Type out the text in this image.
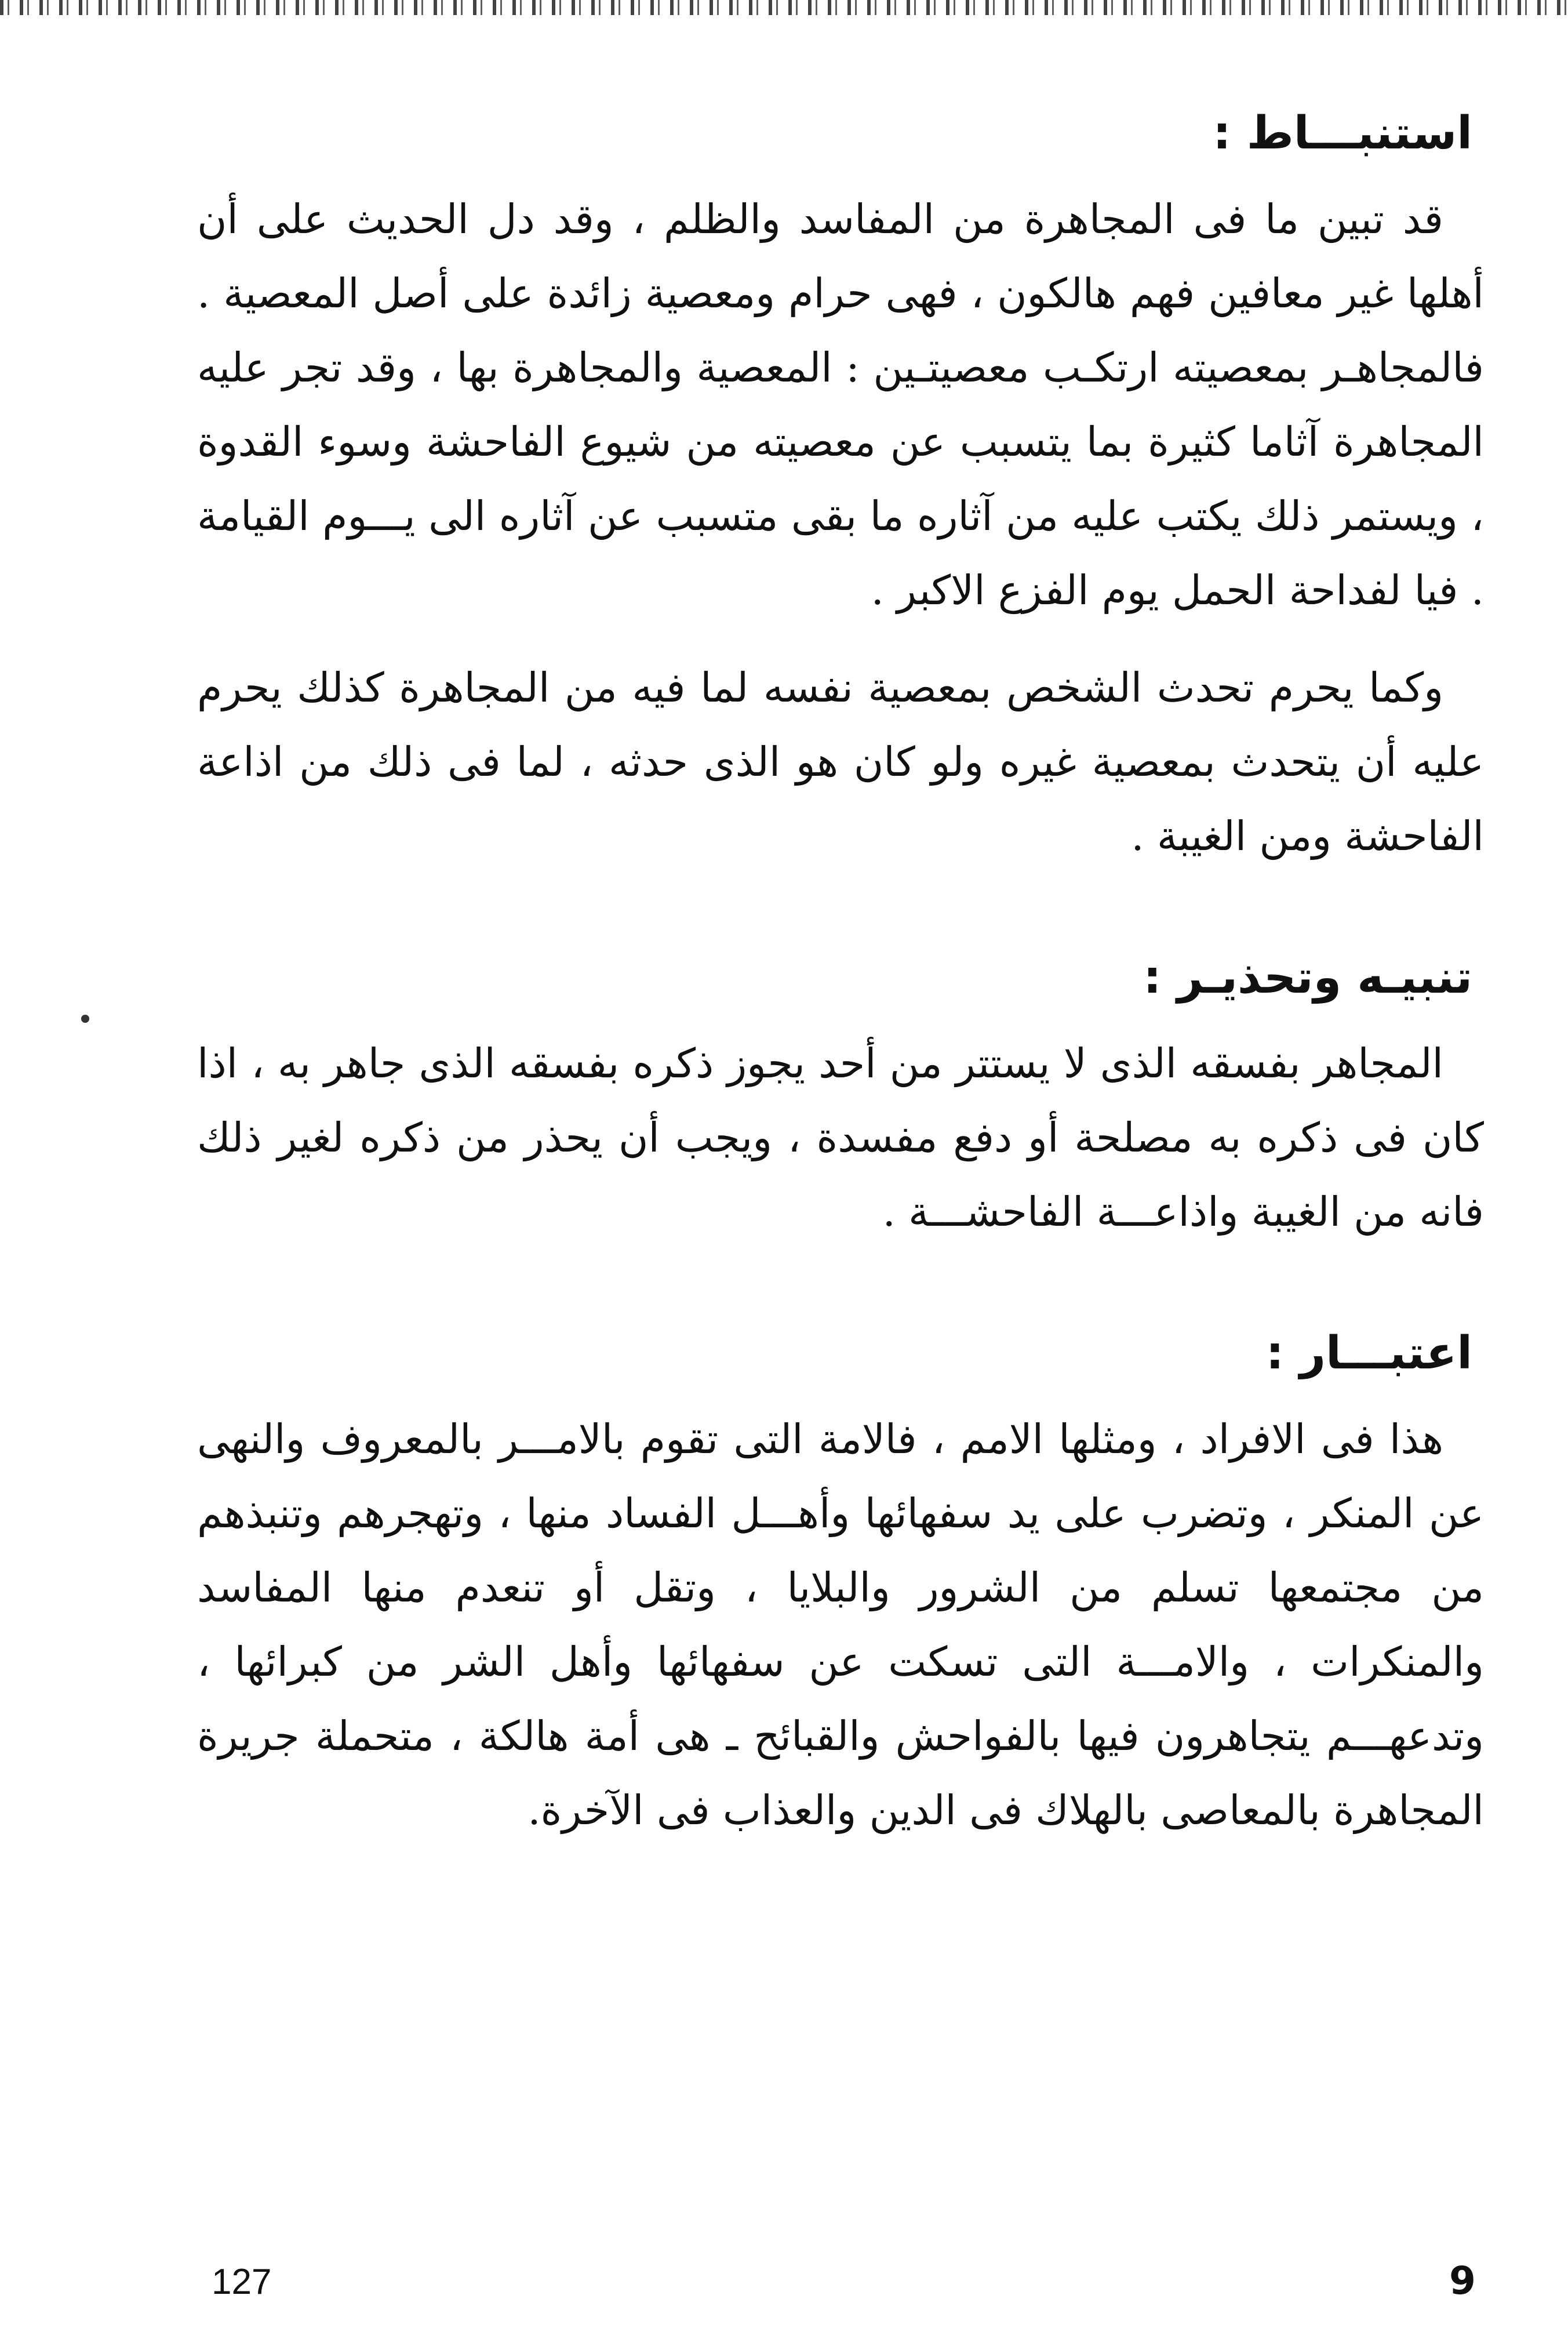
استنبـــاط :

قد تبين ما فى المجاهرة من المفاسد والظلم ، وقد دل الحديث على أن أهلها غير معافين فهم هالكون ، فهى حرام ومعصية زائدة على أصل المعصية . فالمجاهـر بمعصيته ارتكـب معصيتـين : المعصية والمجاهرة بها ، وقد تجر عليه المجاهرة آثاما كثيرة بما يتسبب عن معصيته من شيوع الفاحشة وسوء القدوة ، ويستمر ذلك يكتب عليه من آثاره ما بقى متسبب عن آثاره الى يـــوم القيامة . فيا لفداحة الحمل يوم الفزع الاكبر .

وكما يحرم تحدث الشخص بمعصية نفسه لما فيه من المجاهرة كذلك يحرم عليه أن يتحدث بمعصية غيره ولو كان هو الذى حدثه ، لما فى ذلك من اذاعة الفاحشة ومن الغيبة .

تنبيـه وتحذيـر :

المجاهر بفسقه الذى لا يستتر من أحد يجوز ذكره بفسقه الذى جاهر به ، اذا كان فى ذكره به مصلحة أو دفع مفسدة ، ويجب أن يحذر من ذكره لغير ذلك فانه من الغيبة واذاعـــة الفاحشـــة .

اعتبـــار :

هذا فى الافراد ، ومثلها الامم ، فالامة التى تقوم بالامـــر بالمعروف والنهى عن المنكر ، وتضرب على يد سفهائها وأهـــل الفساد منها ، وتهجرهم وتنبذهم من مجتمعها تسلم من الشرور والبلايا ، وتقل أو تنعدم منها المفاسد والمنكرات ، والامـــة التى تسكت عن سفهائها وأهل الشر من كبرائها ، وتدعهـــم يتجاهرون فيها بالفواحش والقبائح ـ هى أمة هالكة ، متحملة جريرة المجاهرة بالمعاصى بالهلاك فى الدين والعذاب فى الآخرة.

127	9
